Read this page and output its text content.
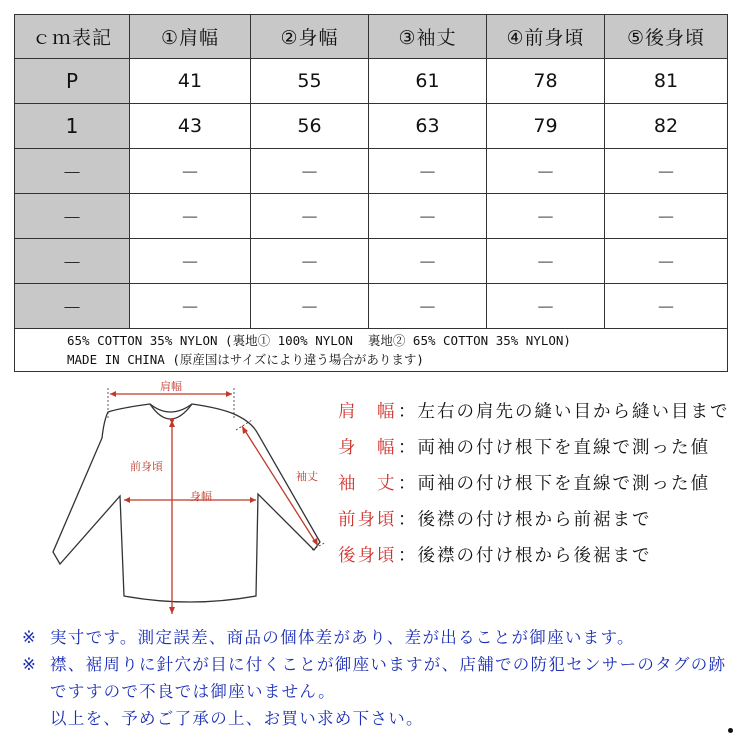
ｃｍ表記	①肩幅	②身幅	③袖丈	④前身頃	⑤後身頃
P	41	55	61	78	81
1	43	56	63	79	82
－	－	－	－	－	－
－	－	－	－	－	－
－	－	－	－	－	－
－	－	－	－	－	－

65% COTTON 35% NYLON (裏地① 100% NYLON  裏地② 65% COTTON 35% NYLON)
MADE IN CHINA (原産国はサイズにより違う場合があります)					
肩幅
前身頃
身幅
袖丈
肩　幅：左右の肩先の縫い目から縫い目まで
身　幅：両袖の付け根下を直線で測った値
袖　丈：両袖の付け根下を直線で測った値
前身頃：後襟の付け根から前裾まで
後身頃：後襟の付け根から後裾まで
※ 実寸です。測定誤差、商品の個体差があり、差が出ることが御座います。
※ 襟、裾周りに針穴が目に付くことが御座いますが、店舗での防犯センサーのタグの跡ですすので不良では御座いません。
以上を、予めご了承の上、お買い求め下さい。
